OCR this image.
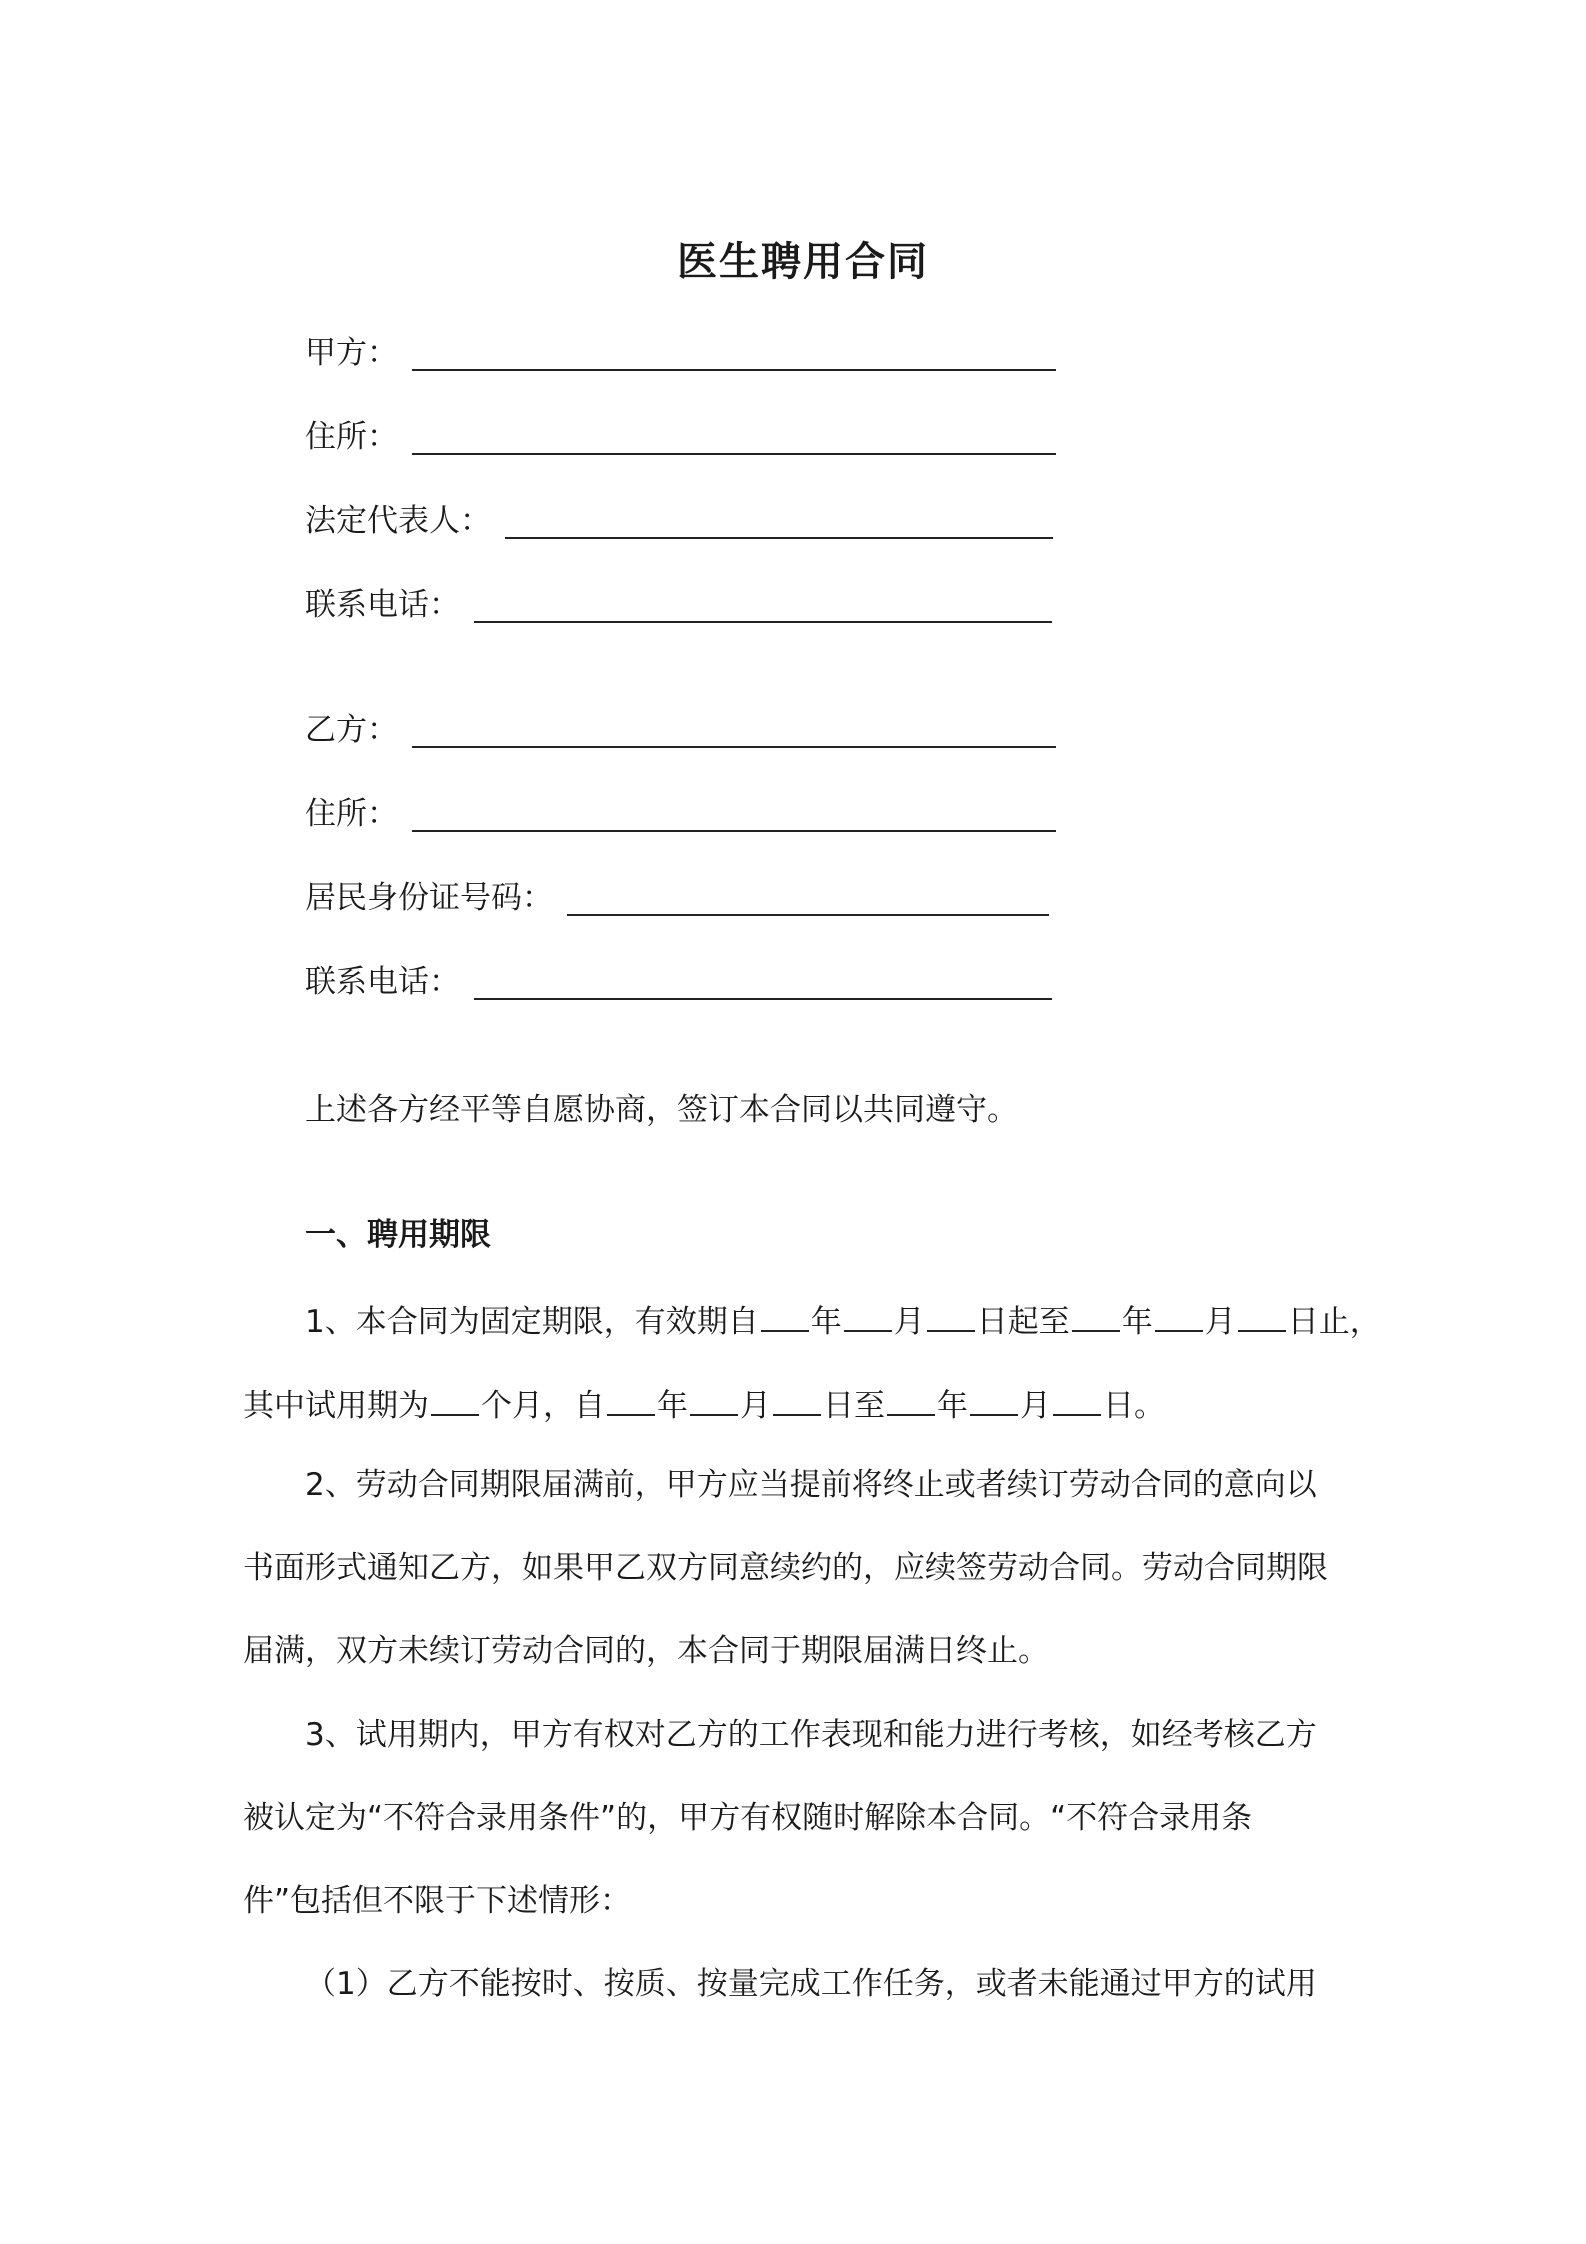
医生聘用合同
甲方：
住所：
法定代表人：
联系电话：
乙方：
住所：
居民身份证号码：
联系电话：
上述各方经平等自愿协商，签订本合同以共同遵守。
一、聘用期限
1、本合同为固定期限，有效期自 年 月 日起至 年 月 日止，
其中试用期为 个月，自 年 月 日至 年 月 日。
2、劳动合同期限届满前，甲方应当提前将终止或者续订劳动合同的意向以
书面形式通知乙方，如果甲乙双方同意续约的，应续签劳动合同。劳动合同期限
届满，双方未续订劳动合同的，本合同于期限届满日终止。
3、试用期内，甲方有权对乙方的工作表现和能力进行考核，如经考核乙方
被认定为“不符合录用条件”的，甲方有权随时解除本合同。“不符合录用条
件”包括但不限于下述情形：
（1）乙方不能按时、按质、按量完成工作任务，或者未能通过甲方的试用
